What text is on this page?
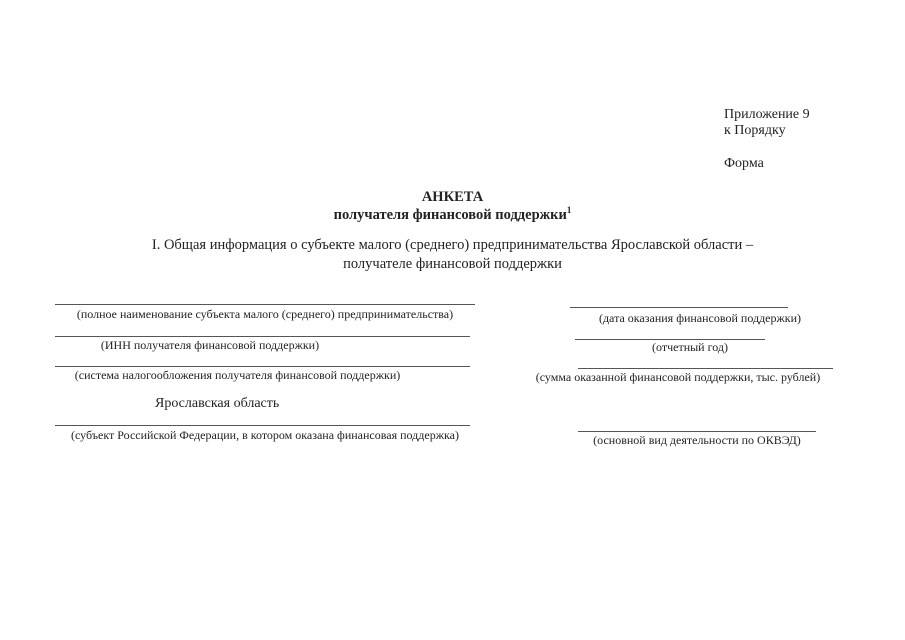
Приложение 9
к Порядку
Форма
АНКЕТА
получателя финансовой поддержки$^1$
I. Общая информация о субъекте малого (среднего) предпринимательства Ярославской области –
получателе финансовой поддержки
(полное наименование субъекта малого (среднего) предпринимательства)
(ИНН получателя финансовой поддержки)
(система налогообложения получателя финансовой поддержки)
Ярославская область
(субъект Российской Федерации, в котором оказана финансовая поддержка)
(дата оказания финансовой поддержки)
(отчетный год)
(сумма оказанной финансовой поддержки, тыс. рублей)
(основной вид деятельности по ОКВЭД)
